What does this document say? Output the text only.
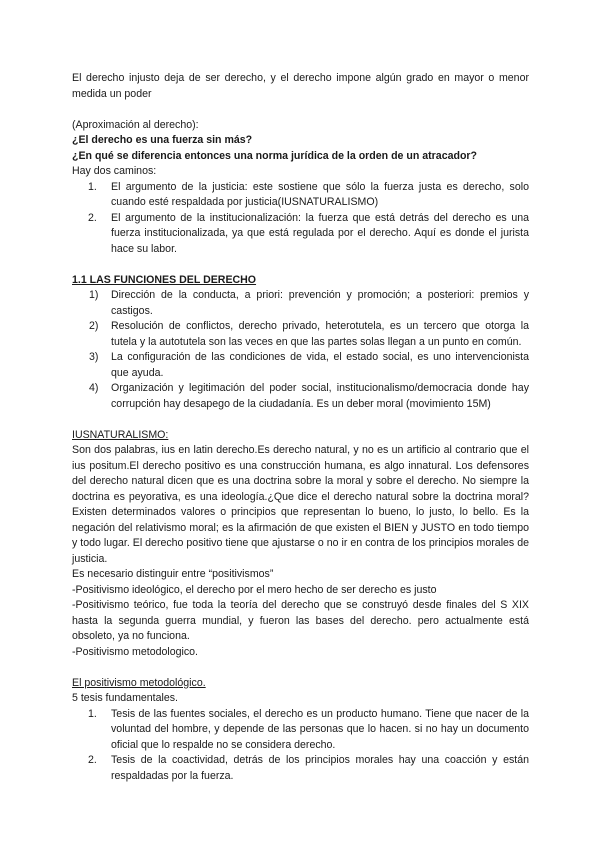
El derecho injusto deja de ser derecho, y el derecho impone algún grado en mayor o menor medida un poder

(Aproximación al derecho):

¿El derecho es una fuerza sin más?

¿En qué se diferencia entonces una norma jurídica de la orden de un atracador?

Hay dos caminos:

1. El argumento de la justicia: este sostiene que sólo la fuerza justa es derecho, solo cuando esté respaldada por justicia(IUSNATURALISMO)
2. El argumento de la institucionalización: la fuerza que está detrás del derecho es una fuerza institucionalizada, ya que está regulada por el derecho. Aquí es donde el jurista hace su labor.

1.1 LAS FUNCIONES DEL DERECHO

1) Dirección de la conducta, a priori: prevención y promoción; a posteriori: premios y castigos.
2) Resolución de conflictos, derecho privado, heterotutela, es un tercero que otorga la tutela y la autotutela son las veces en que las partes solas llegan a un punto en común.
3) La configuración de las condiciones de vida, el estado social, es uno intervencionista que ayuda.
4) Organización y legitimación del poder social, institucionalismo/democracia donde hay corrupción hay desapego de la ciudadanía. Es un deber moral (movimiento 15M)

IUSNATURALISMO:

Son dos palabras, ius en latin derecho.Es derecho natural, y no es un artificio al contrario que el ius positum.El derecho positivo es una construcción humana, es algo innatural. Los defensores del derecho natural dicen que es una doctrina sobre la moral y sobre el derecho. No siempre la doctrina es peyorativa, es una ideología.¿Que dice el derecho natural sobre la doctrina moral? Existen determinados valores o principios que representan lo bueno, lo justo, lo bello. Es la negación del relativismo moral; es la afirmación de que existen el BIEN y JUSTO en todo tiempo y todo lugar. El derecho positivo tiene que ajustarse o no ir en contra de los principios morales de justicia.

Es necesario distinguir entre “positivismos”

-Positivismo ideológico, el derecho por el mero hecho de ser derecho es justo

-Positivismo teórico, fue toda la teoría del derecho que se construyó desde finales del S XIX hasta la segunda guerra mundial, y fueron las bases del derecho. pero actualmente está obsoleto, ya no funciona.

-Positivismo metodologico.

El positivismo metodológico.

5 tesis fundamentales.

1. Tesis de las fuentes sociales, el derecho es un producto humano. Tiene que nacer de la voluntad del hombre, y depende de las personas que lo hacen. si no hay un documento oficial que lo respalde no se considera derecho.
2. Tesis de la coactividad, detrás de los principios morales hay una coacción y están respaldadas por la fuerza.
